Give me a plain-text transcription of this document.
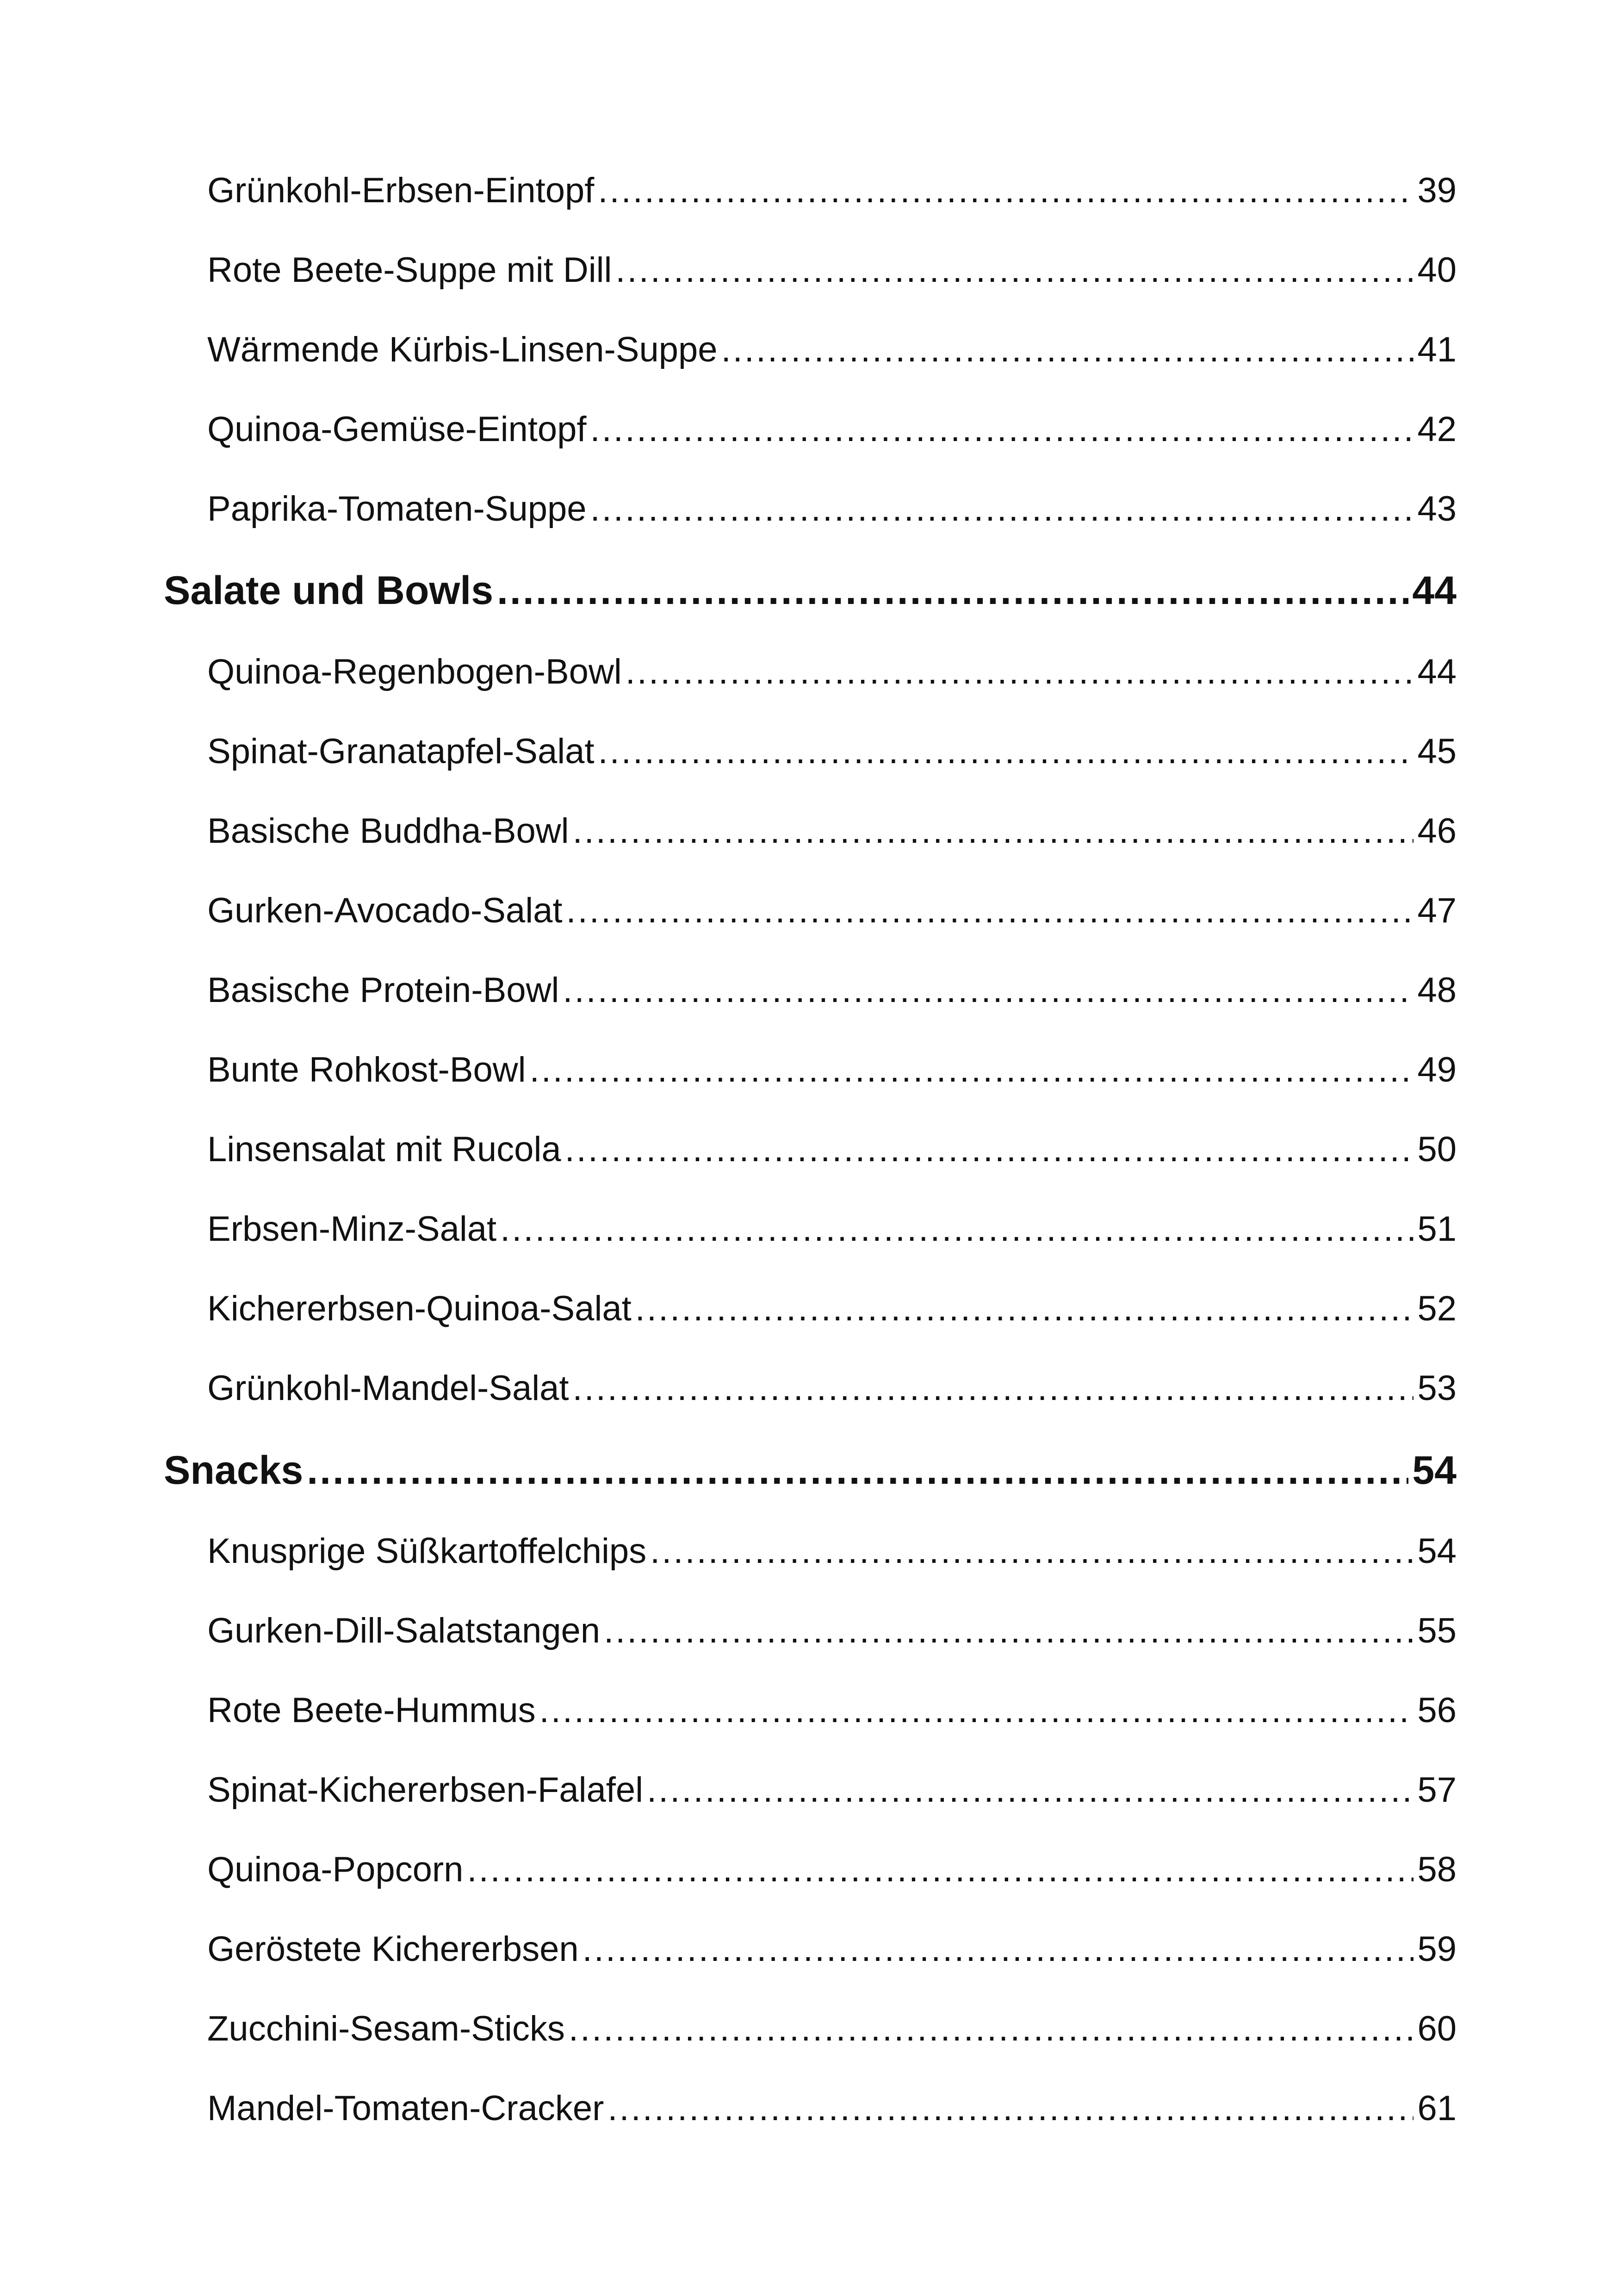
Grünkohl-Erbsen-Eintopf .....	39
Rote Beete-Suppe mit Dill .....	40
Wärmende Kürbis-Linsen-Suppe .....	41
Quinoa-Gemüse-Eintopf .....	42
Paprika-Tomaten-Suppe .....	43
Salate und Bowls .....	44
Quinoa-Regenbogen-Bowl .....	44
Spinat-Granatapfel-Salat .....	45
Basische Buddha-Bowl .....	46
Gurken-Avocado-Salat .....	47
Basische Protein-Bowl .....	48
Bunte Rohkost-Bowl .....	49
Linsensalat mit Rucola .....	50
Erbsen-Minz-Salat .....	51
Kichererbsen-Quinoa-Salat .....	52
Grünkohl-Mandel-Salat .....	53
Snacks .....	54
Knusprige Süßkartoffelchips .....	54
Gurken-Dill-Salatstangen .....	55
Rote Beete-Hummus .....	56
Spinat-Kichererbsen-Falafel .....	57
Quinoa-Popcorn .....	58
Geröstete Kichererbsen .....	59
Zucchini-Sesam-Sticks .....	60
Mandel-Tomaten-Cracker .....	61
